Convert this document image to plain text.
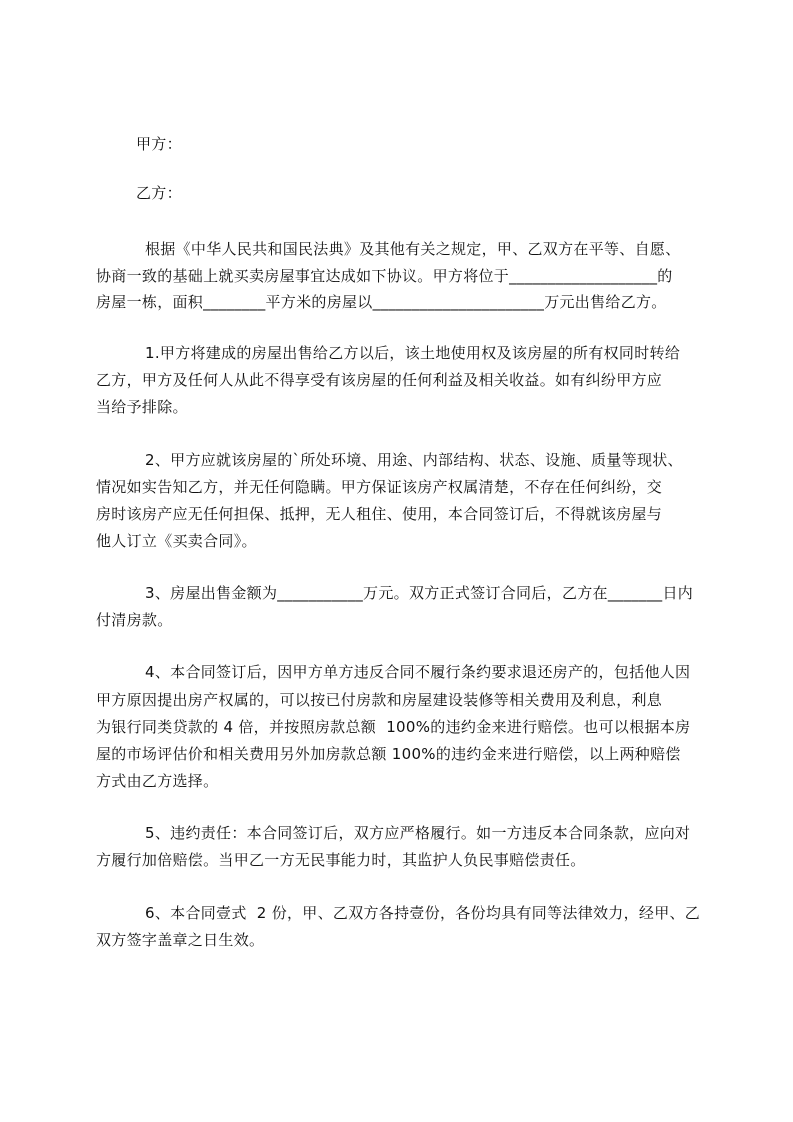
甲方：
乙方：
根据《中华人民共和国民法典》及其他有关之规定，甲、乙双方在平等、自愿、
协商一致的基础上就买卖房屋事宜达成如下协议。甲方将位于___________________的
房屋一栋，面积________平方米的房屋以______________________万元出售给乙方。
1.甲方将建成的房屋出售给乙方以后，该土地使用权及该房屋的所有权同时转给
乙方，甲方及任何人从此不得享受有该房屋的任何利益及相关收益。如有纠纷甲方应
当给予排除。
2、甲方应就该房屋的`所处环境、用途、内部结构、状态、设施、质量等现状、
情况如实告知乙方，并无任何隐瞒。甲方保证该房产权属清楚，不存在任何纠纷，交
房时该房产应无任何担保、抵押，无人租住、使用，本合同签订后，不得就该房屋与
他人订立《买卖合同》。
3、房屋出售金额为___________万元。双方正式签订合同后，乙方在_______日内
付清房款。
4、本合同签订后，因甲方单方违反合同不履行条约要求退还房产的，包括他人因
甲方原因提出房产权属的，可以按已付房款和房屋建设装修等相关费用及利息，利息
为银行同类贷款的 4 倍，并按照房款总额  100%的违约金来进行赔偿。也可以根据本房
屋的市场评估价和相关费用另外加房款总额 100%的违约金来进行赔偿，以上两种赔偿
方式由乙方选择。
5、违约责任：本合同签订后，双方应严格履行。如一方违反本合同条款，应向对
方履行加倍赔偿。当甲乙一方无民事能力时，其监护人负民事赔偿责任。
6、本合同壹式  2 份，甲、乙双方各持壹份，各份均具有同等法律效力，经甲、乙
双方签字盖章之日生效。
